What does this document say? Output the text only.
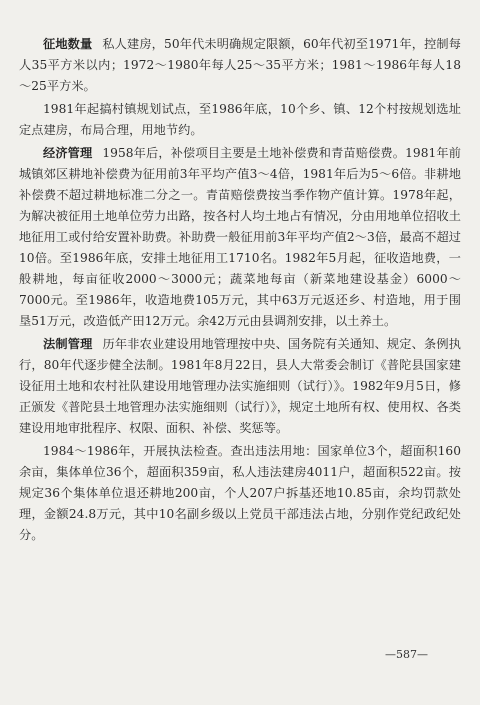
征地数量 私人建房，50年代未明确规定限额，60年代初至1971年，控制每人35平方米以内；1972～1980年每人25～35平方米；1981～1986年每人18～25平方米。

1981年起搞村镇规划试点，至1986年底，10个乡、镇、12个村按规划选址定点建房，布局合理，用地节约。

经济管理 1958年后，补偿项目主要是土地补偿费和青苗赔偿费。1981年前城镇郊区耕地补偿费为征用前3年平均产值3～4倍，1981年后为5～6倍。非耕地补偿费不超过耕地标准二分之一。青苗赔偿费按当季作物产值计算。1978年起，为解决被征用土地单位劳力出路，按各村人均土地占有情况，分由用地单位招收土地征用工或付给安置补助费。补助费一般征用前3年平均产值2～3倍，最高不超过10倍。至1986年底，安排土地征用工1710名。1982年5月起，征收造地费，一般耕地，每亩征收2000～3000元；蔬菜地每亩（新菜地建设基金）6000～7000元。至1986年，收造地费105万元，其中63万元返还乡、村造地，用于围垦51万元，改造低产田12万元。余42万元由县调剂安排，以土养土。

法制管理 历年非农业建设用地管理按中央、国务院有关通知、规定、条例执行，80年代逐步健全法制。1981年8月22日，县人大常委会制订《普陀县国家建设征用土地和农村社队建设用地管理办法实施细则（试行）》。1982年9月5日，修正颁发《普陀县土地管理办法实施细则（试行）》，规定土地所有权、使用权、各类建设用地审批程序、权限、面积、补偿、奖惩等。

1984～1986年，开展执法检查。查出违法用地：国家单位3个，超面积160余亩，集体单位36个，超面积359亩，私人违法建房4011户，超面积522亩。按规定36个集体单位退还耕地200亩，个人207户拆基还地10.85亩，余均罚款处理，金额24.8万元，其中10名副乡级以上党员干部违法占地，分别作党纪政纪处分。

—587—
